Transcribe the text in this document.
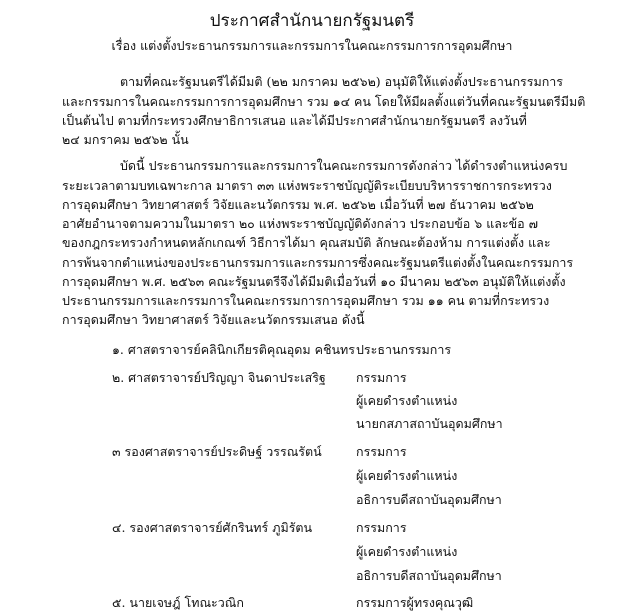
ประกาศสำนักนายกรัฐมนตรี
เรื่อง แต่งตั้งประธานกรรมการและกรรมการในคณะกรรมการการอุดมศึกษา
ตามที่คณะรัฐมนตรีได้มีมติ (๒๒ มกราคม ๒๕๖๒) อนุมัติให้แต่งตั้งประธานกรรมการ
และกรรมการในคณะกรรมการการอุดมศึกษา รวม ๑๔ คน โดยให้มีผลตั้งแต่วันที่คณะรัฐมนตรีมีมติ
เป็นต้นไป ตามที่กระทรวงศึกษาธิการเสนอ และได้มีประกาศสำนักนายกรัฐมนตรี ลงวันที่
๒๔ มกราคม ๒๕๖๒ นั้น
บัดนี้ ประธานกรรมการและกรรมการในคณะกรรมการดังกล่าว ได้ดำรงตำแหน่งครบ
ระยะเวลาตามบทเฉพาะกาล มาตรา ๓๓ แห่งพระราชบัญญัติระเบียบบริหารราชการกระทรวง
การอุดมศึกษา วิทยาศาสตร์ วิจัยและนวัตกรรม พ.ศ. ๒๕๖๒ เมื่อวันที่ ๒๗ ธันวาคม ๒๕๖๒
อาศัยอำนาจตามความในมาตรา ๒๐ แห่งพระราชบัญญัติดังกล่าว ประกอบข้อ ๖ และข้อ ๗
ของกฎกระทรวงกำหนดหลักเกณฑ์ วิธีการได้มา คุณสมบัติ ลักษณะต้องห้าม การแต่งตั้ง และ
การพ้นจากตำแหน่งของประธานกรรมการและกรรมการซึ่งคณะรัฐมนตรีแต่งตั้งในคณะกรรมการ
การอุดมศึกษา พ.ศ. ๒๕๖๓ คณะรัฐมนตรีจึงได้มีมติเมื่อวันที่ ๑๐ มีนาคม ๒๕๖๓ อนุมัติให้แต่งตั้ง
ประธานกรรมการและกรรมการในคณะกรรมการการอุดมศึกษา รวม ๑๑ คน ตามที่กระทรวง
การอุดมศึกษา วิทยาศาสตร์ วิจัยและนวัตกรรมเสนอ ดังนี้
๑. ศาสตราจารย์คลินิกเกียรติคุณอุดม คชินทร ประธานกรรมการ
๒. ศาสตราจารย์ปริญญา จินดาประเสริฐ กรรมการ
ผู้เคยดำรงตำแหน่ง
นายกสภาสถาบันอุดมศึกษา
๓ รองศาสตราจารย์ประดิษฐ์ วรรณรัตน์	กรรมการ
ผู้เคยดำรงตำแหน่ง
อธิการบดีสถาบันอุดมศึกษา
๔. รองศาสตราจารย์ศักรินทร์ ภูมิรัตน	กรรมการ
ผู้เคยดำรงตำแหน่ง
อธิการบดีสถาบันอุดมศึกษา
๕. นายเจษฎ์ โทณะวณิก	กรรมการผู้ทรงคุณวุฒิ
